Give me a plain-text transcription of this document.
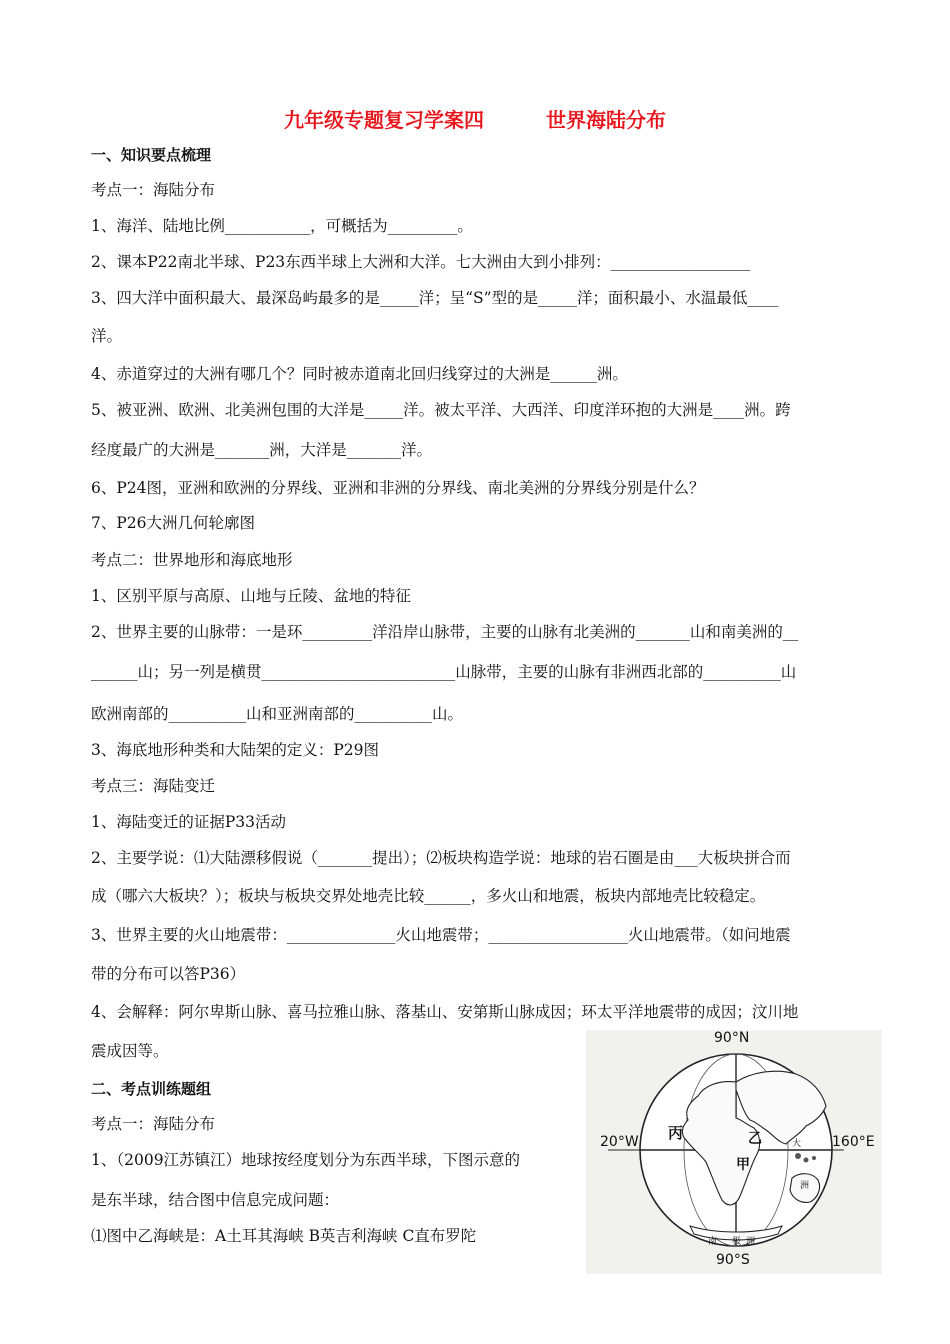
九年级专题复习学案四	世界海陆分布
一、知识要点梳理
考点一：海陆分布
1、海洋、陆地比例___________，可概括为_________。
2、课本P22南北半球、P23东西半球上大洲和大洋。七大洲由大到小排列：__________________
3、四大洋中面积最大、最深岛屿最多的是_____洋；呈“S”型的是_____洋；面积最小、水温最低____
洋。
4、赤道穿过的大洲有哪几个？同时被赤道南北回归线穿过的大洲是______洲。
5、被亚洲、欧洲、北美洲包围的大洋是_____洋。被太平洋、大西洋、印度洋环抱的大洲是____洲。跨
经度最广的大洲是_______洲，大洋是_______洋。
6、P24图，亚洲和欧洲的分界线、亚洲和非洲的分界线、南北美洲的分界线分别是什么？
7、P26大洲几何轮廓图
考点二：世界地形和海底地形
1、区别平原与高原、山地与丘陵、盆地的特征
2、世界主要的山脉带：一是环_________洋沿岸山脉带，主要的山脉有北美洲的_______山和南美洲的__
______山；另一列是横贯_________________________山脉带，主要的山脉有非洲西北部的__________山
欧洲南部的__________山和亚洲南部的__________山。
3、海底地形种类和大陆架的定义：P29图
考点三：海陆变迁
1、海陆变迁的证据P33活动
2、主要学说：⑴大陆漂移假说（_______提出）；⑵板块构造学说：地球的岩石圈是由___大板块拼合而
成（哪六大板块？）；板块与板块交界处地壳比较______，多火山和地震，板块内部地壳比较稳定。
3、世界主要的火山地震带：______________火山地震带；__________________火山地震带。（如问地震
带的分布可以答P36）
4、会解释：阿尔卑斯山脉、喜马拉雅山脉、落基山、安第斯山脉成因；环太平洋地震带的成因；汶川地
震成因等。
二、考点训练题组
考点一：海陆分布
1、（2009江苏镇江）地球按经度划分为东西半球，下图示意的
是东半球，结合图中信息完成问题：
⑴图中乙海峡是：A土耳其海峡 B英吉利海峡 C直布罗陀
90°N
90°S
20°W	160°E
丙
甲
乙	大
洲
南 极 洲
